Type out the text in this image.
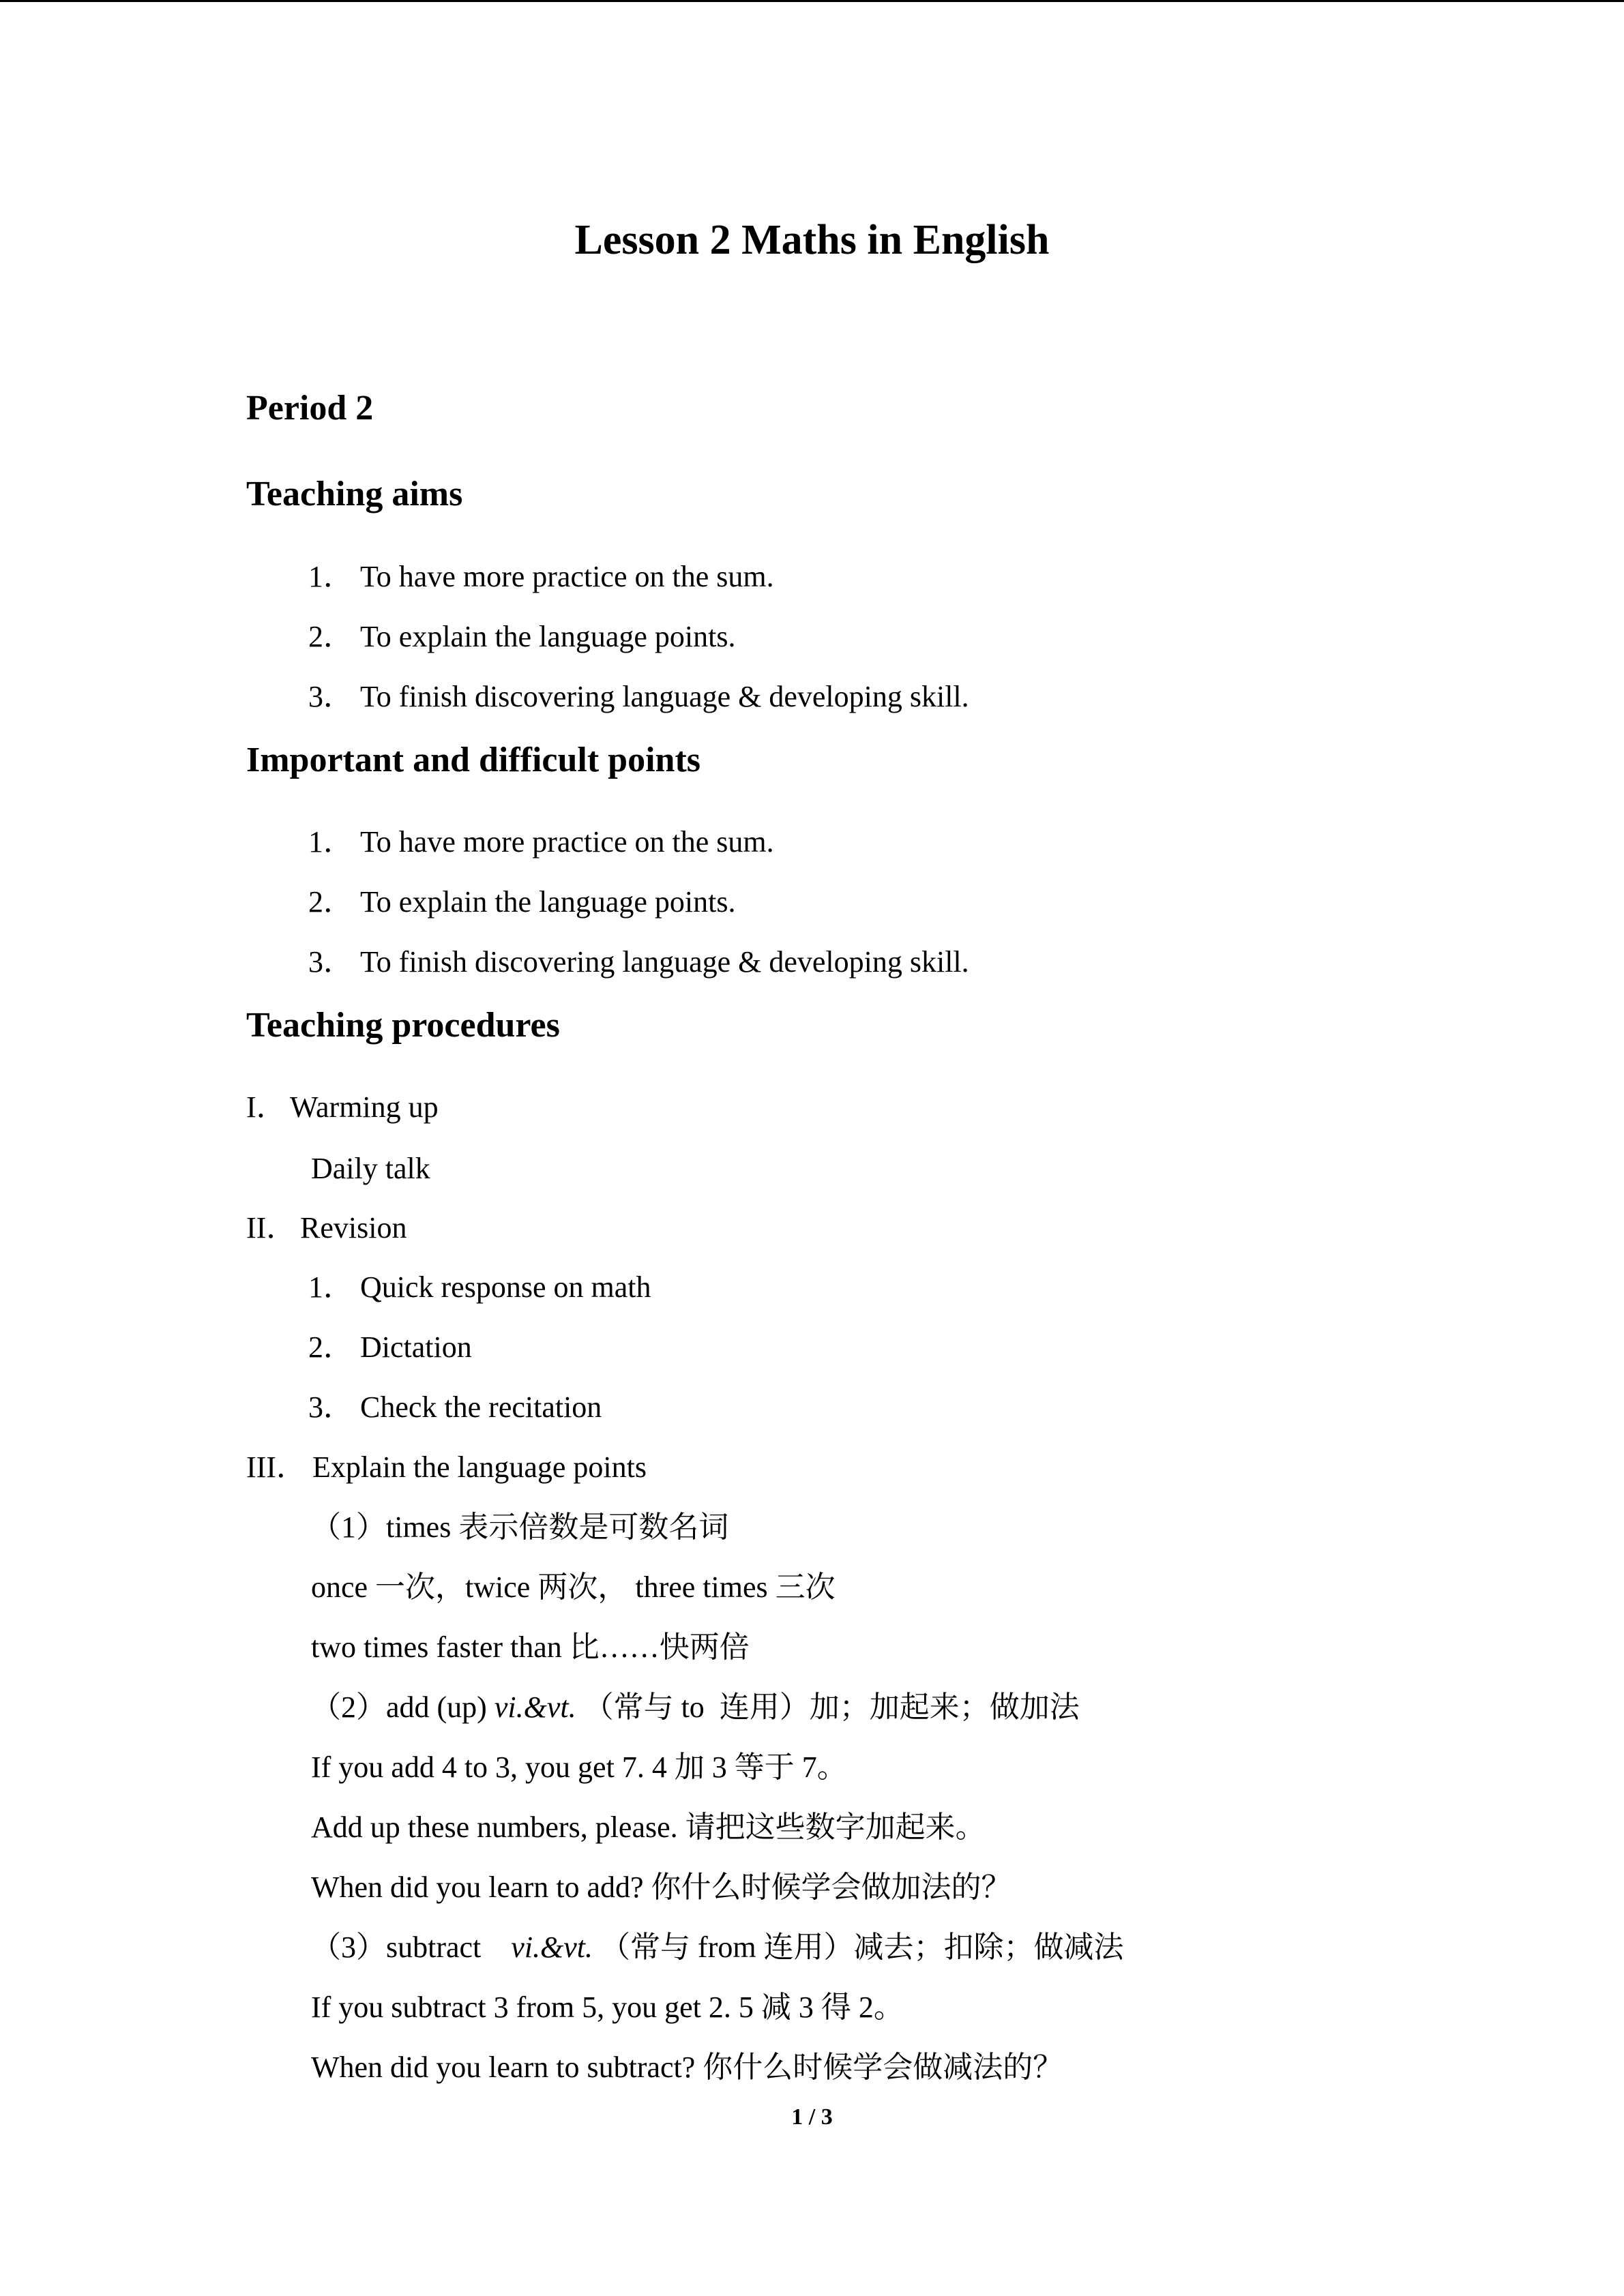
Lesson 2 Maths in English
Period 2
Teaching aims
1． To have more practice on the sum.
2． To explain the language points.
3． To finish discovering language & developing skill.
Important and difficult points
1． To have more practice on the sum.
2． To explain the language points.
3． To finish discovering language & developing skill.
Teaching procedures
I． Warming up
Daily talk
II． Revision
1． Quick response on math
2． Dictation
3． Check the recitation
III． Explain the language points
（1）times 表示倍数是可数名词
once 一次，twice 两次， three times 三次
two times faster than 比……快两倍
（2）add (up) vi.&vt. （常与 to  连用）加；加起来；做加法
If you add 4 to 3, you get 7. 4 加 3 等于 7。
Add up these numbers, please. 请把这些数字加起来。
When did you learn to add? 你什么时候学会做加法的？
（3）subtract    vi.&vt. （常与 from 连用）减去；扣除；做减法
If you subtract 3 from 5, you get 2. 5 减 3 得 2。
When did you learn to subtract? 你什么时候学会做减法的？
1 / 3
